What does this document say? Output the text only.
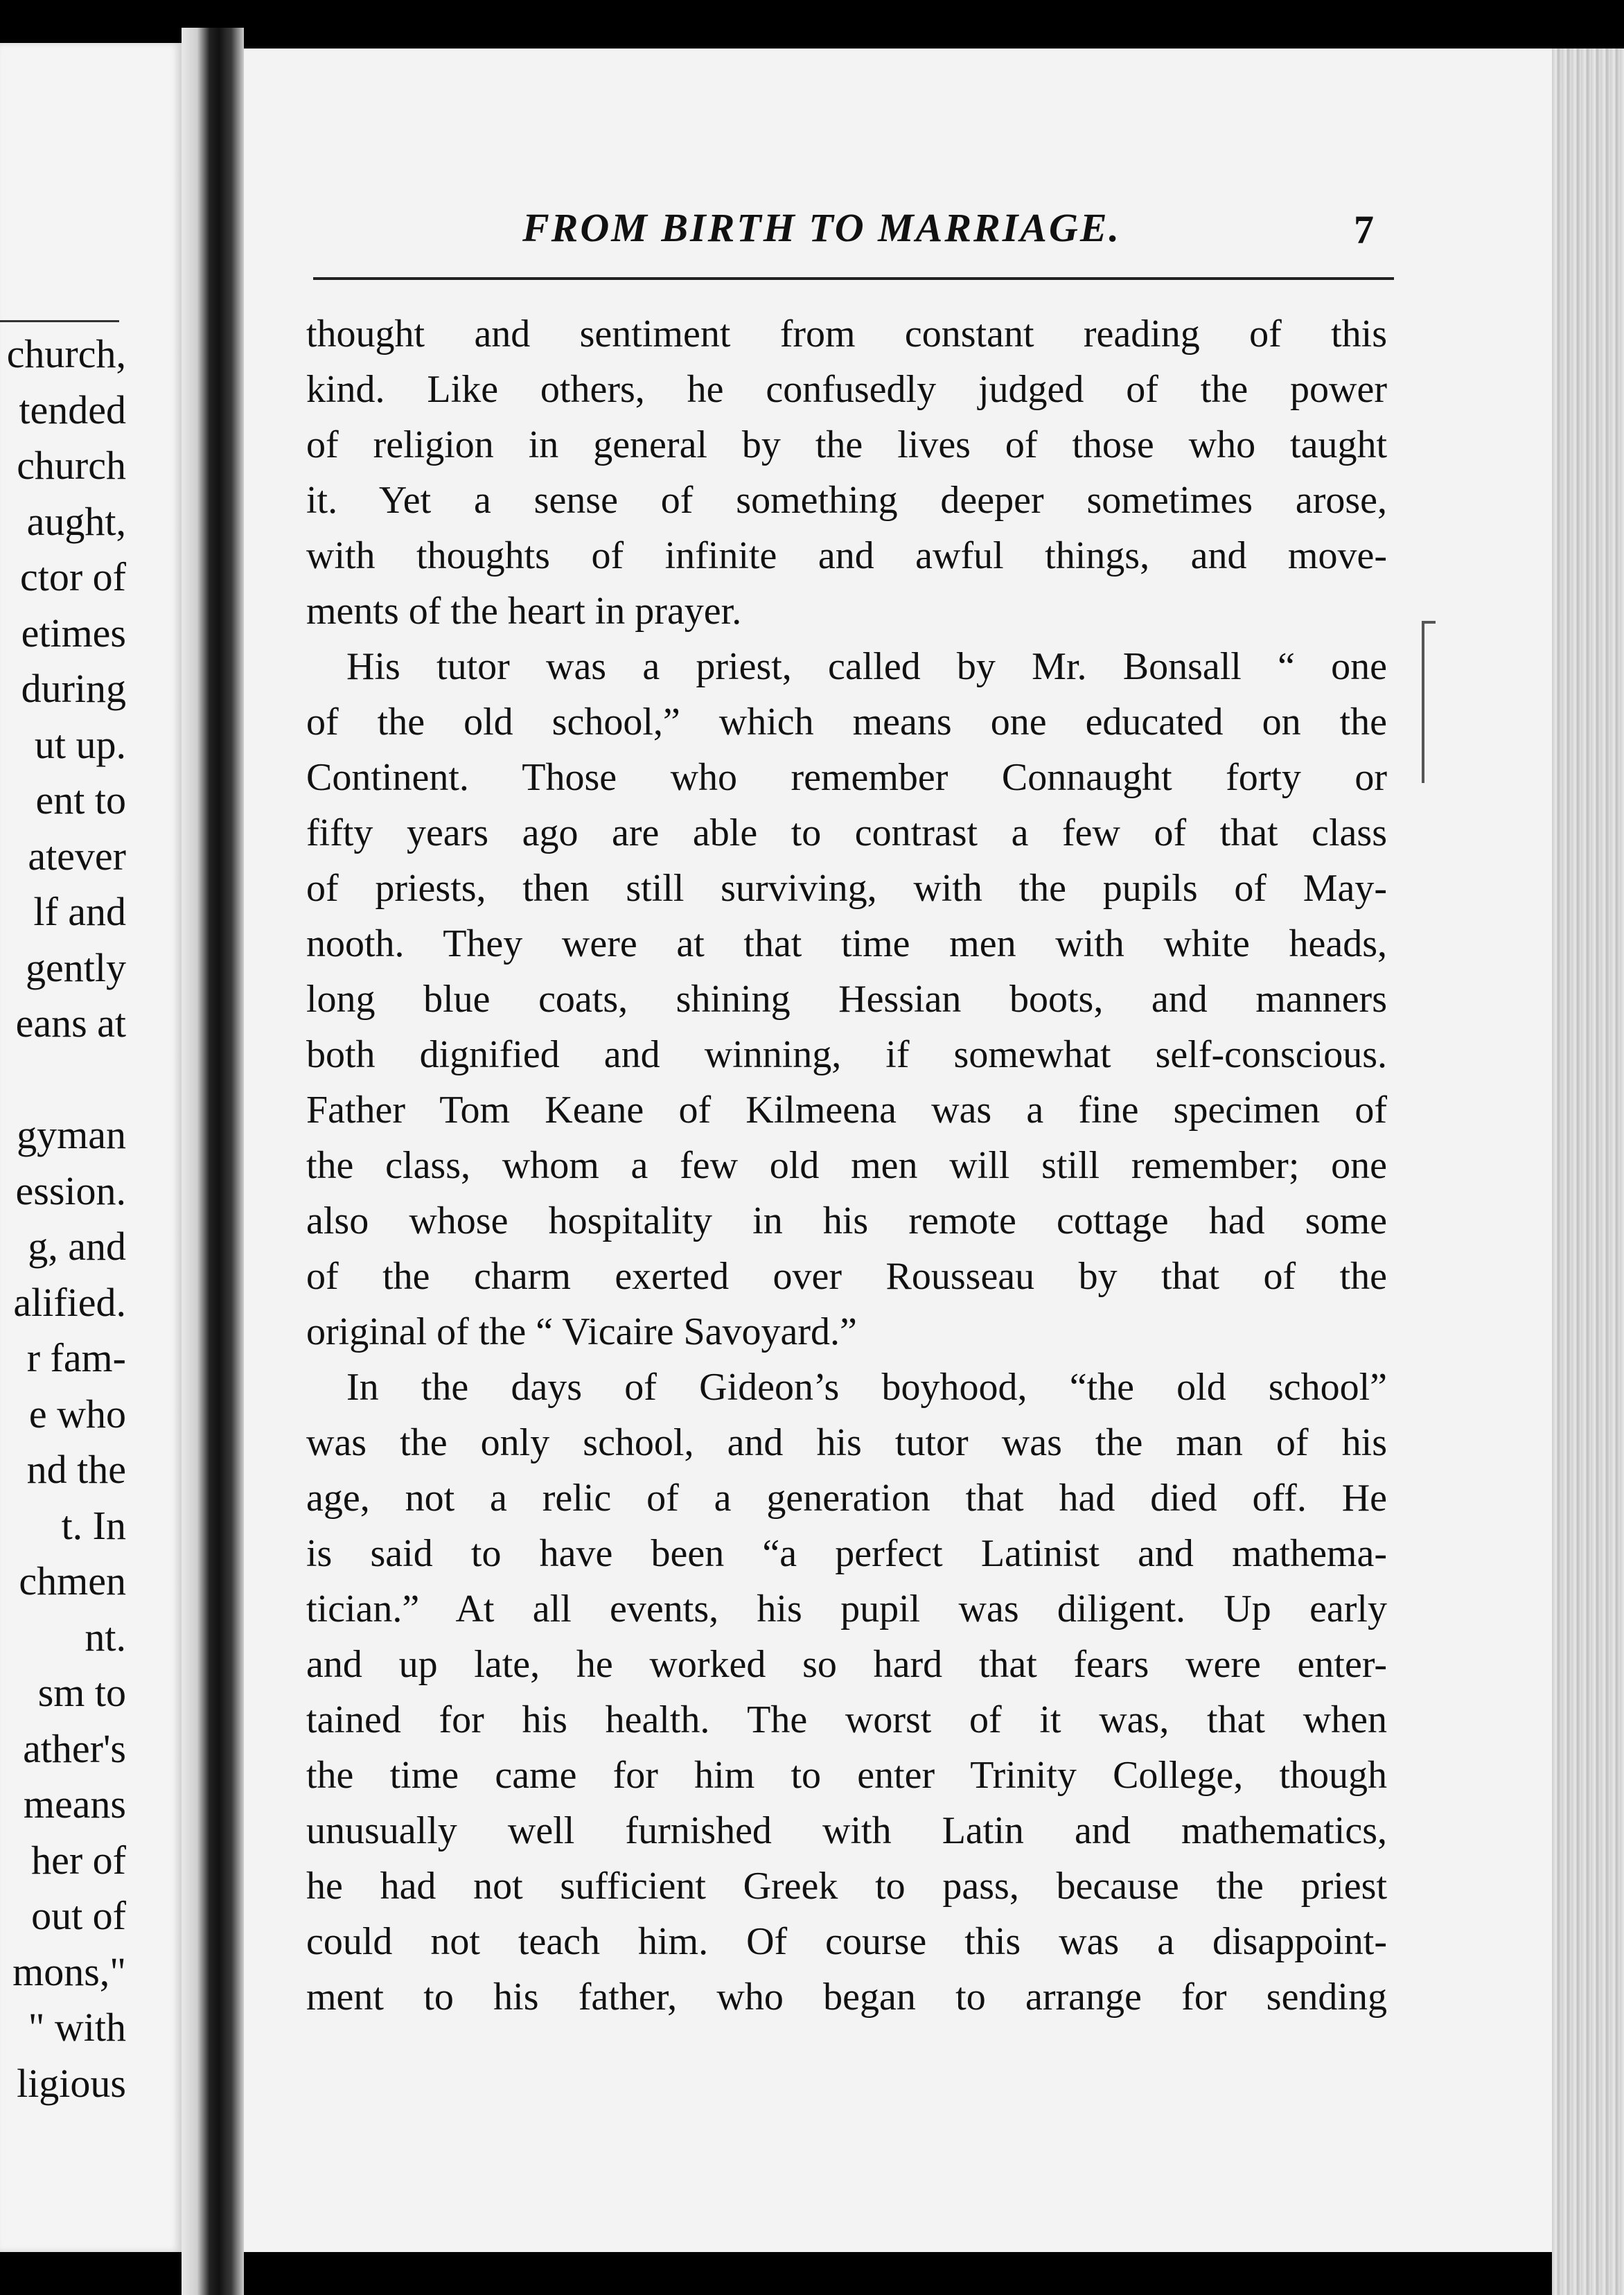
church,
tended
church
aught,
ctor of
etimes
during
ut up.
ent to
atever
lf and
gently
eans at
gyman
ession.
g, and
alified.
r fam-
e who
nd the
t. In
chmen
nt.
sm to
ather's
means
her of
out of
mons,"
" with
ligious
FROM BIRTH TO MARRIAGE.	7
thought and sentiment from constant reading of this
kind. Like others, he confusedly judged of the power
of religion in general by the lives of those who taught
it. Yet a sense of something deeper sometimes arose,
with thoughts of infinite and awful things, and move-
ments of the heart in prayer.
His tutor was a priest, called by Mr. Bonsall “ one
of the old school,” which means one educated on the
Continent. Those who remember Connaught forty or
fifty years ago are able to contrast a few of that class
of priests, then still surviving, with the pupils of May-
nooth. They were at that time men with white heads,
long blue coats, shining Hessian boots, and manners
both dignified and winning, if somewhat self-conscious.
Father Tom Keane of Kilmeena was a fine specimen of
the class, whom a few old men will still remember; one
also whose hospitality in his remote cottage had some
of the charm exerted over Rousseau by that of the
original of the “ Vicaire Savoyard.”
In the days of Gideon’s boyhood, “the old school”
was the only school, and his tutor was the man of his
age, not a relic of a generation that had died off. He
is said to have been “a perfect Latinist and mathema-
tician.” At all events, his pupil was diligent. Up early
and up late, he worked so hard that fears were enter-
tained for his health. The worst of it was, that when
the time came for him to enter Trinity College, though
unusually well furnished with Latin and mathematics,
he had not sufficient Greek to pass, because the priest
could not teach him. Of course this was a disappoint-
ment to his father, who began to arrange for sending
